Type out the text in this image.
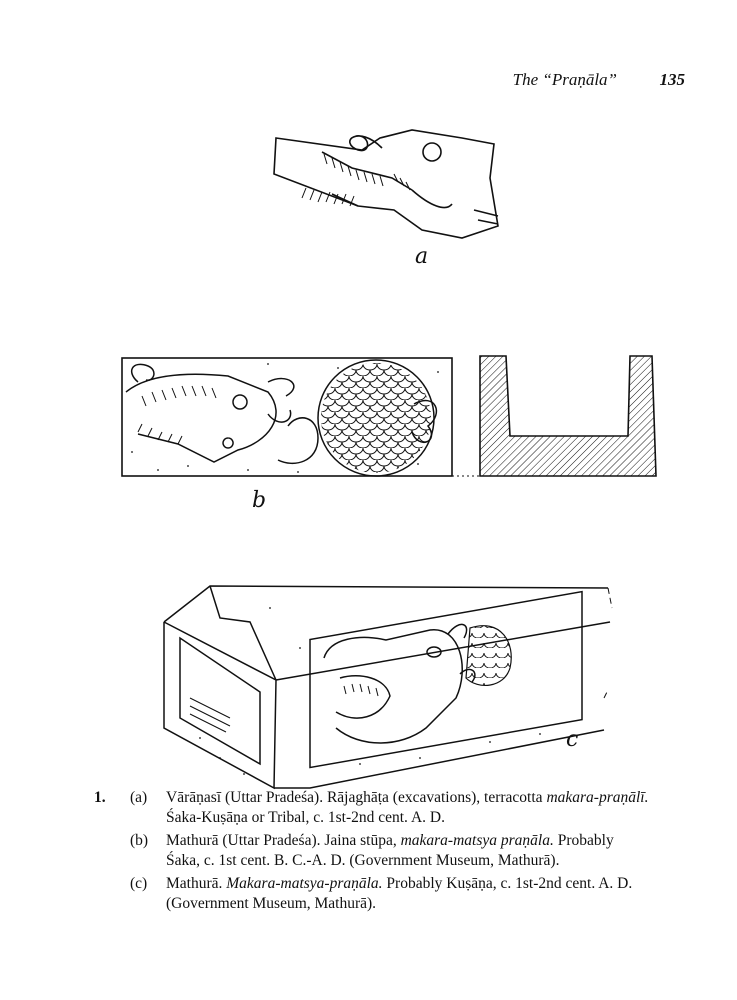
The “Praṇāla”	135
a
b
c
1. (a) Vārāṇasī (Uttar Pradeśa). Rājaghāṭa (excavations), terracotta makara-praṇālī.
Śaka-Kuṣāṇa or Tribal, c. 1st-2nd cent. A. D.
(b) Mathurā (Uttar Pradeśa). Jaina stūpa, makara-matsya praṇāla. Probably
Śaka, c. 1st cent. B. C.-A. D. (Government Museum, Mathurā).
(c) Mathurā. Makara-matsya-praṇāla. Probably Kuṣāṇa, c. 1st-2nd cent. A. D.
(Government Museum, Mathurā).
